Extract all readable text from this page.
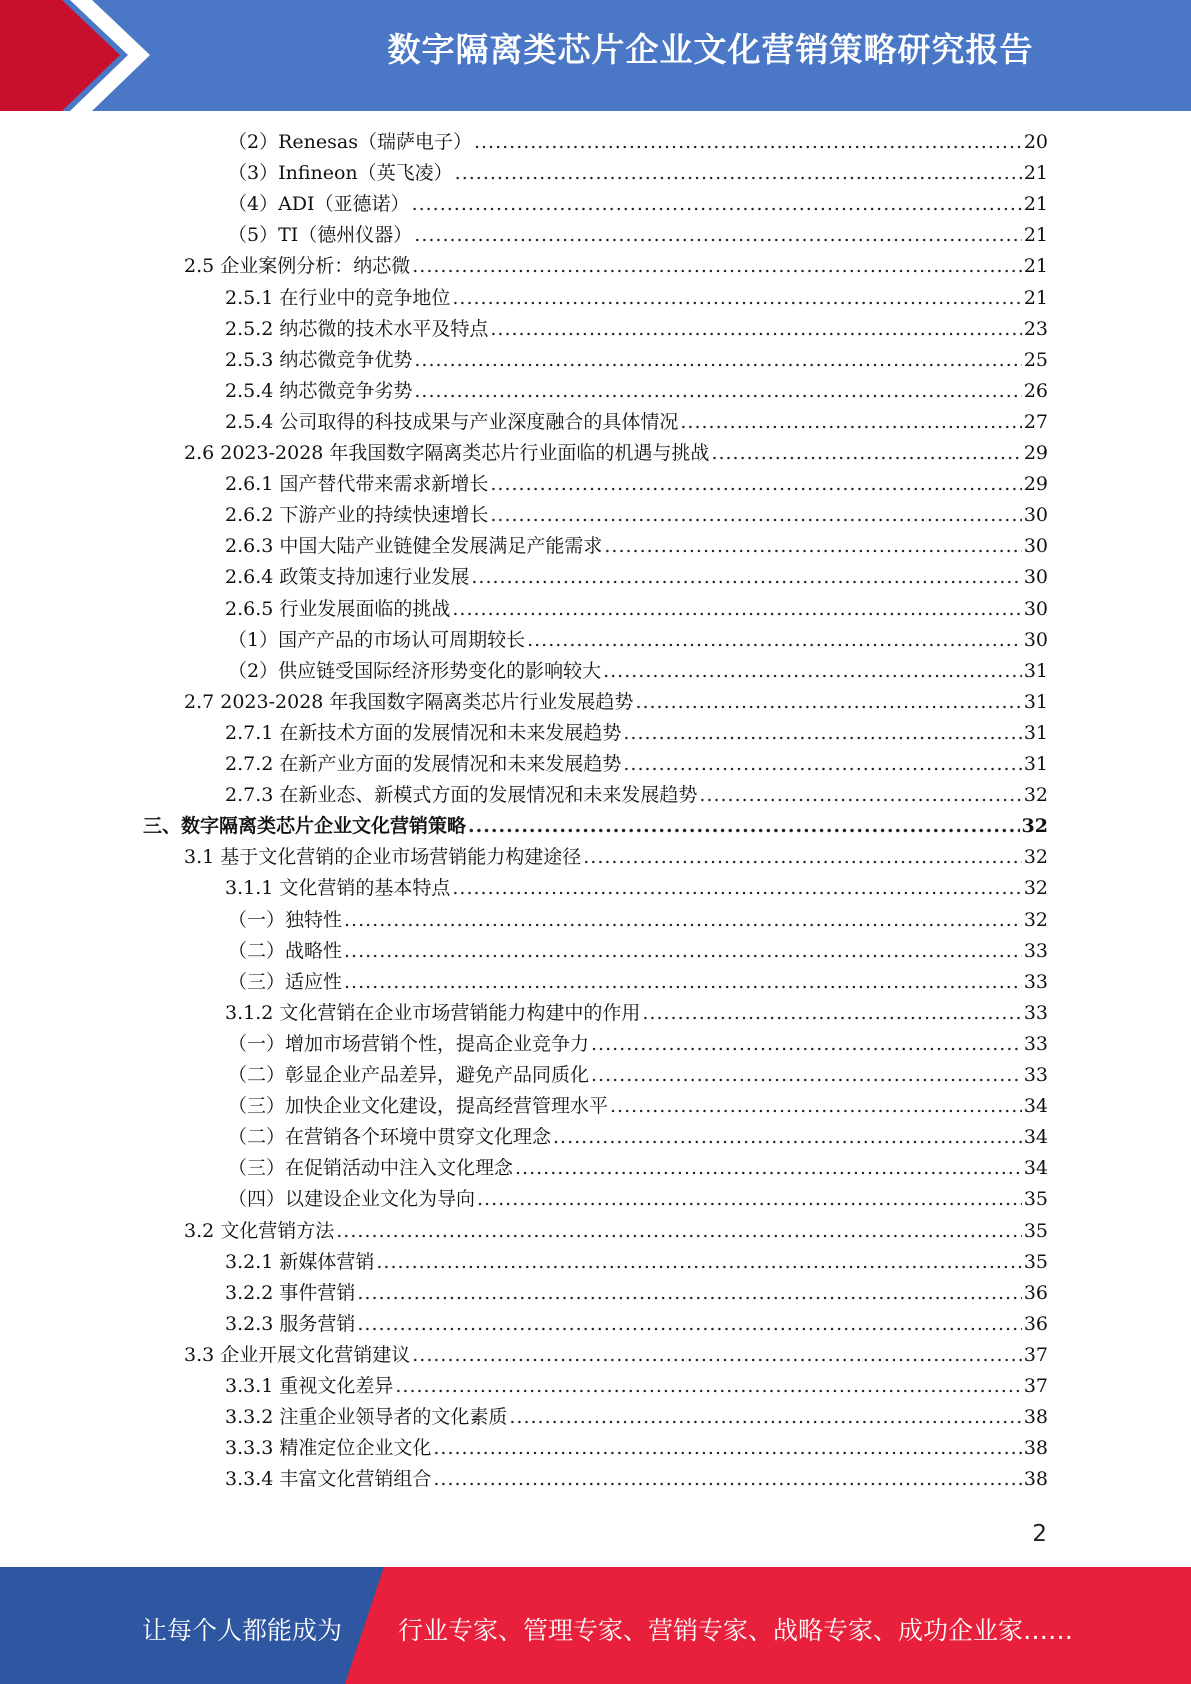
数字隔离类芯片企业文化营销策略研究报告
（2）Renesas（瑞萨电子） .....	20
（3）Infineon（英飞凌） .....	21
（4）ADI（亚德诺） .....	21
（5）TI（德州仪器） .....	21
2.5 企业案例分析：纳芯微 .....	21
2.5.1 在行业中的竞争地位 .....	21
2.5.2 纳芯微的技术水平及特点 .....	23
2.5.3 纳芯微竞争优势 .....	25
2.5.4 纳芯微竞争劣势 .....	26
2.5.4 公司取得的科技成果与产业深度融合的具体情况 .....	27
2.6 2023-2028 年我国数字隔离类芯片行业面临的机遇与挑战 .....	29
2.6.1 国产替代带来需求新增长 .....	29
2.6.2 下游产业的持续快速增长 .....	30
2.6.3 中国大陆产业链健全发展满足产能需求 .....	30
2.6.4 政策支持加速行业发展 .....	30
2.6.5 行业发展面临的挑战 .....	30
（1）国产产品的市场认可周期较长 .....	30
（2）供应链受国际经济形势变化的影响较大 .....	31
2.7 2023-2028 年我国数字隔离类芯片行业发展趋势 .....	31
2.7.1 在新技术方面的发展情况和未来发展趋势 .....	31
2.7.2 在新产业方面的发展情况和未来发展趋势 .....	31
2.7.3 在新业态、新模式方面的发展情况和未来发展趋势 .....	32
三、数字隔离类芯片企业文化营销策略 .....	32
3.1 基于文化营销的企业市场营销能力构建途径 .....	32
3.1.1 文化营销的基本特点 .....	32
（一）独特性 .....	32
（二）战略性 .....	33
（三）适应性 .....	33
3.1.2 文化营销在企业市场营销能力构建中的作用 .....	33
（一）增加市场营销个性，提高企业竞争力 .....	33
（二）彰显企业产品差异，避免产品同质化 .....	33
（三）加快企业文化建设，提高经营管理水平 .....	34
（二）在营销各个环境中贯穿文化理念 .....	34
（三）在促销活动中注入文化理念 .....	34
（四）以建设企业文化为导向 .....	35
3.2 文化营销方法 .....	35
3.2.1 新媒体营销 .....	35
3.2.2 事件营销 .....	36
3.2.3 服务营销 .....	36
3.3 企业开展文化营销建议 .....	37
3.3.1 重视文化差异 .....	37
3.3.2 注重企业领导者的文化素质 .....	38
3.3.3 精准定位企业文化 .....	38
3.3.4 丰富文化营销组合 .....	38
2
让每个人都能成为 行业专家、管理专家、营销专家、战略专家、成功企业家……
